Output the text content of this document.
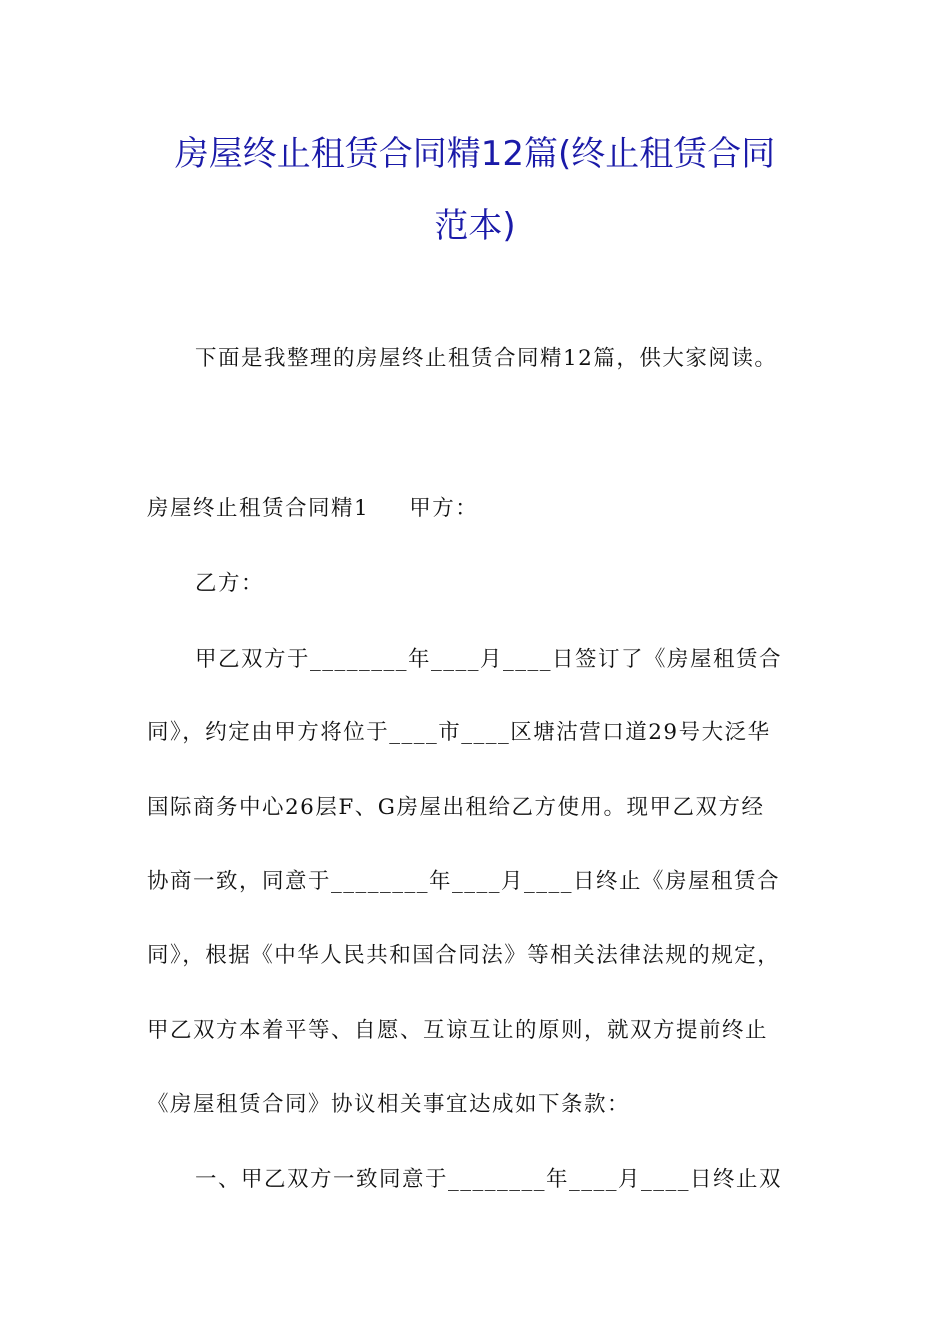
房屋终止租赁合同精12篇(终止租赁合同
范本)

下面是我整理的房屋终止租赁合同精12篇，供大家阅读。

房屋终止租赁合同精1 甲方：

乙方：

甲乙双方于________年____月____日签订了《房屋租赁合

同》，约定由甲方将位于____市____区塘沽营口道29号大泛华

国际商务中心26层F、G房屋出租给乙方使用。现甲乙双方经

协商一致，同意于________年____月____日终止《房屋租赁合

同》，根据《中华人民共和国合同法》等相关法律法规的规定，

甲乙双方本着平等、自愿、互谅互让的原则，就双方提前终止

《房屋租赁合同》协议相关事宜达成如下条款：

一、甲乙双方一致同意于________年____月____日终止双
